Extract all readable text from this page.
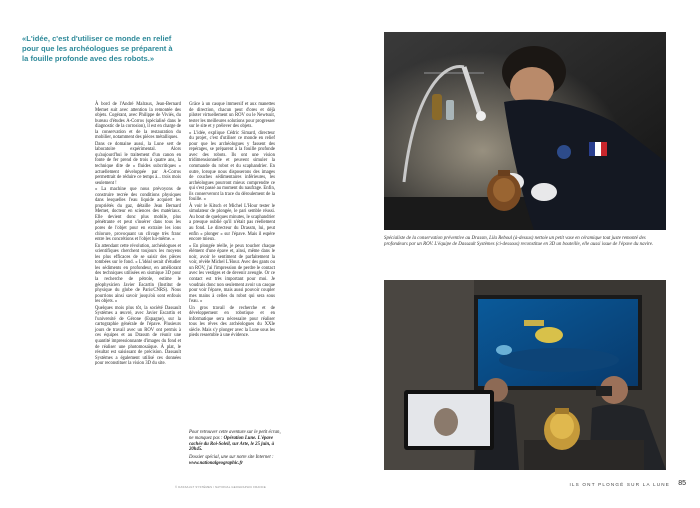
«L'idée, c'est d'utiliser ce monde en relief pour que les archéologues se préparent à la fouille profonde avec des robots.»

À bord de l'André Malraux, Jean-Bernard Memet suit avec attention la remontée des objets. Cogérant, avec Philippe de Viviés, du bureau d'études A-Corros (spécialisé dans le diagnostic de la corrosion), il est en charge de la conservation et de la restauration du mobilier, notamment des pièces métalliques.

Dans ce domaine aussi, la Lune sert de laboratoire expérimental. Alors qu'aujourd'hui le traitement d'un canon en fonte de fer prend de trois à quatre ans, la technique dite de « fluides subcritiques » actuellement développée par A-Corros permettrait de réduire ce temps à... trois mois seulement !

« La machine que nous prévoyons de construire recrée des conditions physiques dans lesquelles l'eau liquide acquiert les propriétés du gaz, détaille Jean Bernard Memet, docteur en sciences des matériaux. Elle devient donc plus mobile, plus pénétrante et peut s'insérer dans tous les pores de l'objet pour en extraire les ions chlorure, provoquant un clivage très franc entre les concrétions et l'objet lui-même. »

En attendant cette révolution, archéologues et scientifiques cherchent toujours les moyens les plus efficaces de se saisir des pièces tombées sur le fond. « L'idéal serait d'étudier les sédiments en profondeur, en améliorant des techniques utilisées en sismique 3D pour la recherche de pétrole, estime le géophysicien Javier Escartin (Institut de physique du globe de Paris/CNRS). Nous pourrions ainsi savoir jusqu'où sont enfouis les objets. »

Quelques mois plus tôt, la société Dassault Systèmes a œuvré, avec Javier Escartin et l'université de Gérone (Espagne), sur la cartographie générale de l'épave. Plusieurs jours de travail avec un ROV ont permis à ces équipes et au Drassm de réunir une quantité impressionnante d'images du fond et de réaliser une photomosaïque. À plat, le résultat est saisissant de précision. Dassault Systèmes a également utilisé ces données pour reconstituer la vision 3D du site.

Grâce à un casque immersif et aux manettes de direction, chacun peut d'ores et déjà piloter virtuellement un ROV ou le Newtsuit, tester les meilleures solutions pour progresser sur le site et y prélever des objets.

« L'idée, explique Cédric Simard, directeur du projet, c'est d'utiliser ce monde en relief pour que les archéologues y fassent des repérages, se préparent à la fouille profonde avec des robots. Ils ont une vision tridimensionnelle et peuvent simuler la commande du robot et du scaphandrier. En outre, lorsque nous disposerons des images de couches sédimentaires inférieures, les archéologues pourront mieux comprendre ce qui s'est passé au moment du naufrage. Enfin, ils conserveront la trace du déroulement de la fouille. »

À voir le Kitsch et Michel L'Hour tester le simulateur de plongée, le pari semble réussi. Au bout de quelques minutes, le scaphandrier a presque oublié qu'il n'était pas réellement au fond. Le directeur du Drassm, lui, peut enfin « plonger » sur l'épave. Mais il espère encore mieux.

« En plongée réelle, je peux toucher chaque élément d'une épave et, ainsi, même dans le noir, avoir le sentiment de parfaitement la voir, révèle Michel L'Hour. Avec des gants ou un ROV, j'ai l'impression de perdre le contact avec les vestiges et de devenir aveugle. Or ce contact est très important pour moi. Je voudrais donc non seulement avoir un casque pour voir l'épave, mais aussi pouvoir coupler mes mains à celles du robot qui sera sous l'eau. »

Un gros travail de recherche et de développement en robotique et en informatique sera nécessaire pour réaliser tous les rêves des archéologues du XXIe siècle. Mais s'y plonger avec la Lune sous les pieds ressemble à une évidence.

Pour retrouver cette aventure sur le petit écran, ne manquez pas : Opération Lune. L'épave cachée du Roi-Soleil, sur Arte, le 25 juin, à 20h45.
Dossier spécial, une sur notre site Internet : www.nationalgeographic.fr
Spécialiste de la conservation préventive au Drassm, Lila Reboul (à-dessus) nettoie un petit vase en céramique tout juste remonté des profondeurs par un ROV. L'équipe de Dassault Systèmes (ci-dessous) reconstitue en 3D un bouteille, elle aussi issue de l'épave du navire.
© DASSAULT SYSTÈMES / NATIONAL GEOGRAPHIC FRANCE	ILS ONT PLONGÉ SUR LA LUNE 85
